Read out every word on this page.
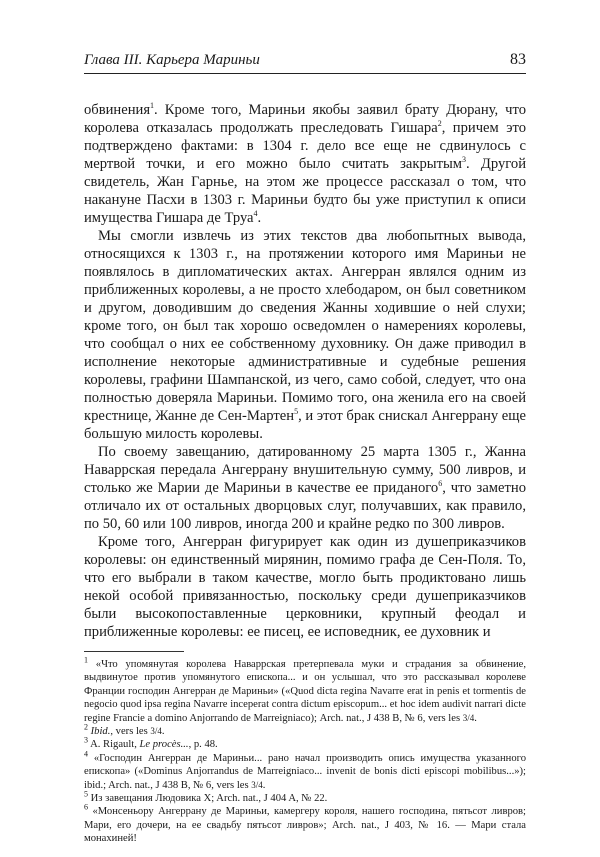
Глава III. Карьера Мариньи	83

обвинения$^1$. Кроме того, Мариньи якобы заявил брату Дюрану, что королева отказалась продолжать преследовать Гишара$^2$, причем это подтверждено фактами: в 1304 г. дело все еще не сдвинулось с мертвой точки, и его можно было считать закрытым$^3$. Другой свидетель, Жан Гарнье, на этом же процессе рассказал о том, что накануне Пасхи в 1303 г. Мариньи будто бы уже приступил к описи имущества Гишара де Труа$^4$.

Мы смогли извлечь из этих текстов два любопытных вывода, относящихся к 1303 г., на протяжении которого имя Мариньи не появлялось в дипломатических актах. Ангерран являлся одним из приближенных королевы, а не просто хлебодаром, он был советником и другом, доводившим до сведения Жанны ходившие о ней слухи; кроме того, он был так хорошо осведомлен о намерениях королевы, что сообщал о них ее собственному духовнику. Он даже приводил в исполнение некоторые административные и судебные решения королевы, графини Шампанской, из чего, само собой, следует, что она полностью доверяла Мариньи. Помимо того, она женила его на своей крестнице, Жанне де Сен-Мартен$^5$, и этот брак снискал Ангеррану еще большую милость королевы.

По своему завещанию, датированному 25 марта 1305 г., Жанна Наваррская передала Ангеррану внушительную сумму, 500 ливров, и столько же Марии де Мариньи в качестве ее приданого$^6$, что заметно отличало их от остальных дворцовых слуг, получавших, как правило, по 50, 60 или 100 ливров, иногда 200 и крайне редко по 300 ливров.

Кроме того, Ангерран фигурирует как один из душеприказчиков королевы: он единственный мирянин, помимо графа де Сен-Поля. То, что его выбрали в таком качестве, могло быть продиктовано лишь некой особой привязанностью, поскольку среди душеприказчиков были высокопоставленные церковники, крупный феодал и приближенные королевы: ее писец, ее исповедник, ее духовник и

$^1$ «Что упомянутая королева Наваррская претерпевала муки и страдания за обвинение, выдвинутое против упомянутого епископа... и он услышал, что это рассказывал королеве Франции господин Ангерран де Мариньи» («Quod dicta regina Navarre erat in penis et tormentis de negocio quod ipsa regina Navarre inceperat contra dictum episcopum... et hoc idem audivit narrari dicte regine Francie a domino Anjorrando de Marreigniaco); Arch. nat., J 438 B, № 6, vers les 3/4.

$^2$ Ibid., vers les 3/4.

$^3$ A. Rigault, Le procès..., p. 48.

$^4$ «Господин Ангерран де Мариньи... рано начал производить опись имущества указанного епископа» («Dominus Anjorrandus de Marreigniaco... invenit de bonis dicti episcopi mobilibus...»); ibid.; Arch. nat., J 438 B, № 6, vers les 3/4.

$^5$ Из завещания Людовика X; Arch. nat., J 404 A, № 22.

$^6$ «Монсеньору Ангеррану де Мариньи, камергеру короля, нашего господина, пятьсот ливров; Мари, его дочери, на ее свадьбу пятьсот ливров»; Arch. nat., J 403, № 16. — Мари стала монахиней!
